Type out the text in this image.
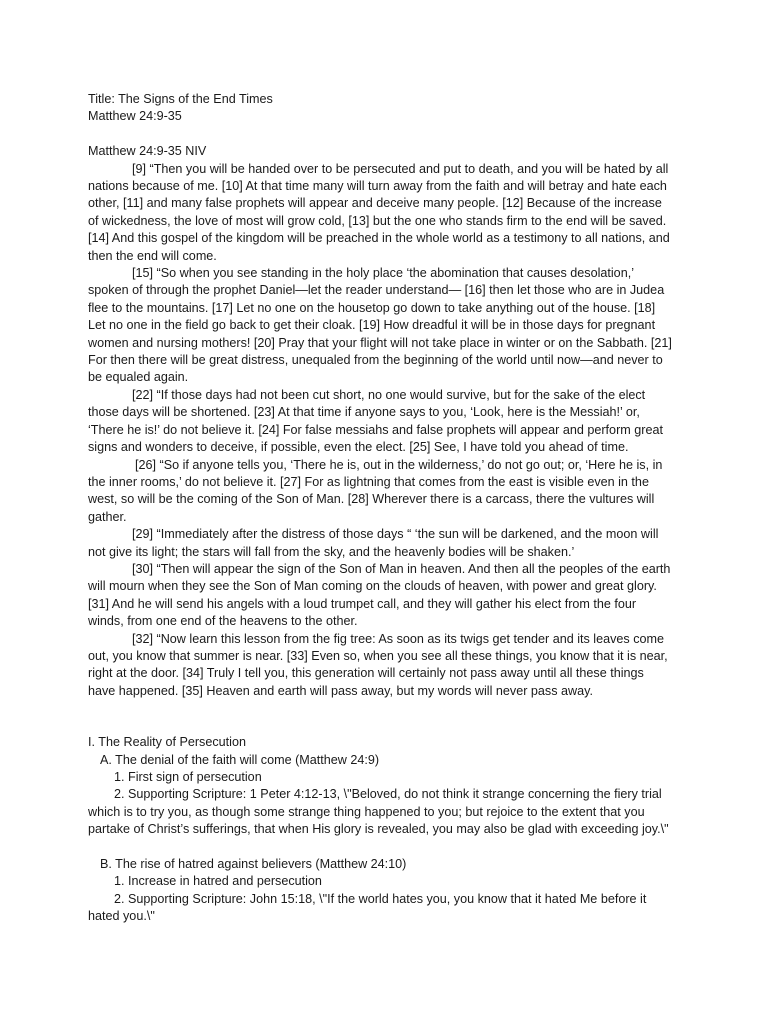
Title: The Signs of the End Times
Matthew 24:9-35
Matthew 24:9-35 NIV

[9] “Then you will be handed over to be persecuted and put to death, and you will be hated by all nations because of me. [10] At that time many will turn away from the faith and will betray and hate each other, [11] and many false prophets will appear and deceive many people. [12] Because of the increase of wickedness, the love of most will grow cold, [13] but the one who stands firm to the end will be saved. [14] And this gospel of the kingdom will be preached in the whole world as a testimony to all nations, and then the end will come.

[15] “So when you see standing in the holy place ‘the abomination that causes desolation,’ spoken of through the prophet Daniel—let the reader understand— [16] then let those who are in Judea flee to the mountains. [17] Let no one on the housetop go down to take anything out of the house. [18] Let no one in the field go back to get their cloak. [19] How dreadful it will be in those days for pregnant women and nursing mothers! [20] Pray that your flight will not take place in winter or on the Sabbath. [21] For then there will be great distress, unequaled from the beginning of the world until now—and never to be equaled again.

[22] “If those days had not been cut short, no one would survive, but for the sake of the elect those days will be shortened. [23] At that time if anyone says to you, ‘Look, here is the Messiah!’ or, ‘There he is!’ do not believe it. [24] For false messiahs and false prophets will appear and perform great signs and wonders to deceive, if possible, even the elect. [25] See, I have told you ahead of time.

[26] “So if anyone tells you, ‘There he is, out in the wilderness,’ do not go out; or, ‘Here he is, in the inner rooms,’ do not believe it. [27] For as lightning that comes from the east is visible even in the west, so will be the coming of the Son of Man. [28] Wherever there is a carcass, there the vultures will gather.

[29] “Immediately after the distress of those days “ ‘the sun will be darkened, and the moon will not give its light; the stars will fall from the sky, and the heavenly bodies will be shaken.’

[30] “Then will appear the sign of the Son of Man in heaven. And then all the peoples of the earth will mourn when they see the Son of Man coming on the clouds of heaven, with power and great glory. [31] And he will send his angels with a loud trumpet call, and they will gather his elect from the four winds, from one end of the heavens to the other.

[32] “Now learn this lesson from the fig tree: As soon as its twigs get tender and its leaves come out, you know that summer is near. [33] Even so, when you see all these things, you know that it is near, right at the door. [34] Truly I tell you, this generation will certainly not pass away until all these things have happened. [35] Heaven and earth will pass away, but my words will never pass away.

I. The Reality of Persecution
A. The denial of the faith will come (Matthew 24:9)
1. First sign of persecution

2. Supporting Scripture: 1 Peter 4:12-13, \"Beloved, do not think it strange concerning the fiery trial which is to try you, as though some strange thing happened to you; but rejoice to the extent that you partake of Christ’s sufferings, that when His glory is revealed, you may also be glad with exceeding joy.\"

B. The rise of hatred against believers (Matthew 24:10)
1. Increase in hatred and persecution

2. Supporting Scripture: John 15:18, \"If the world hates you, you know that it hated Me before it hated you.\"
